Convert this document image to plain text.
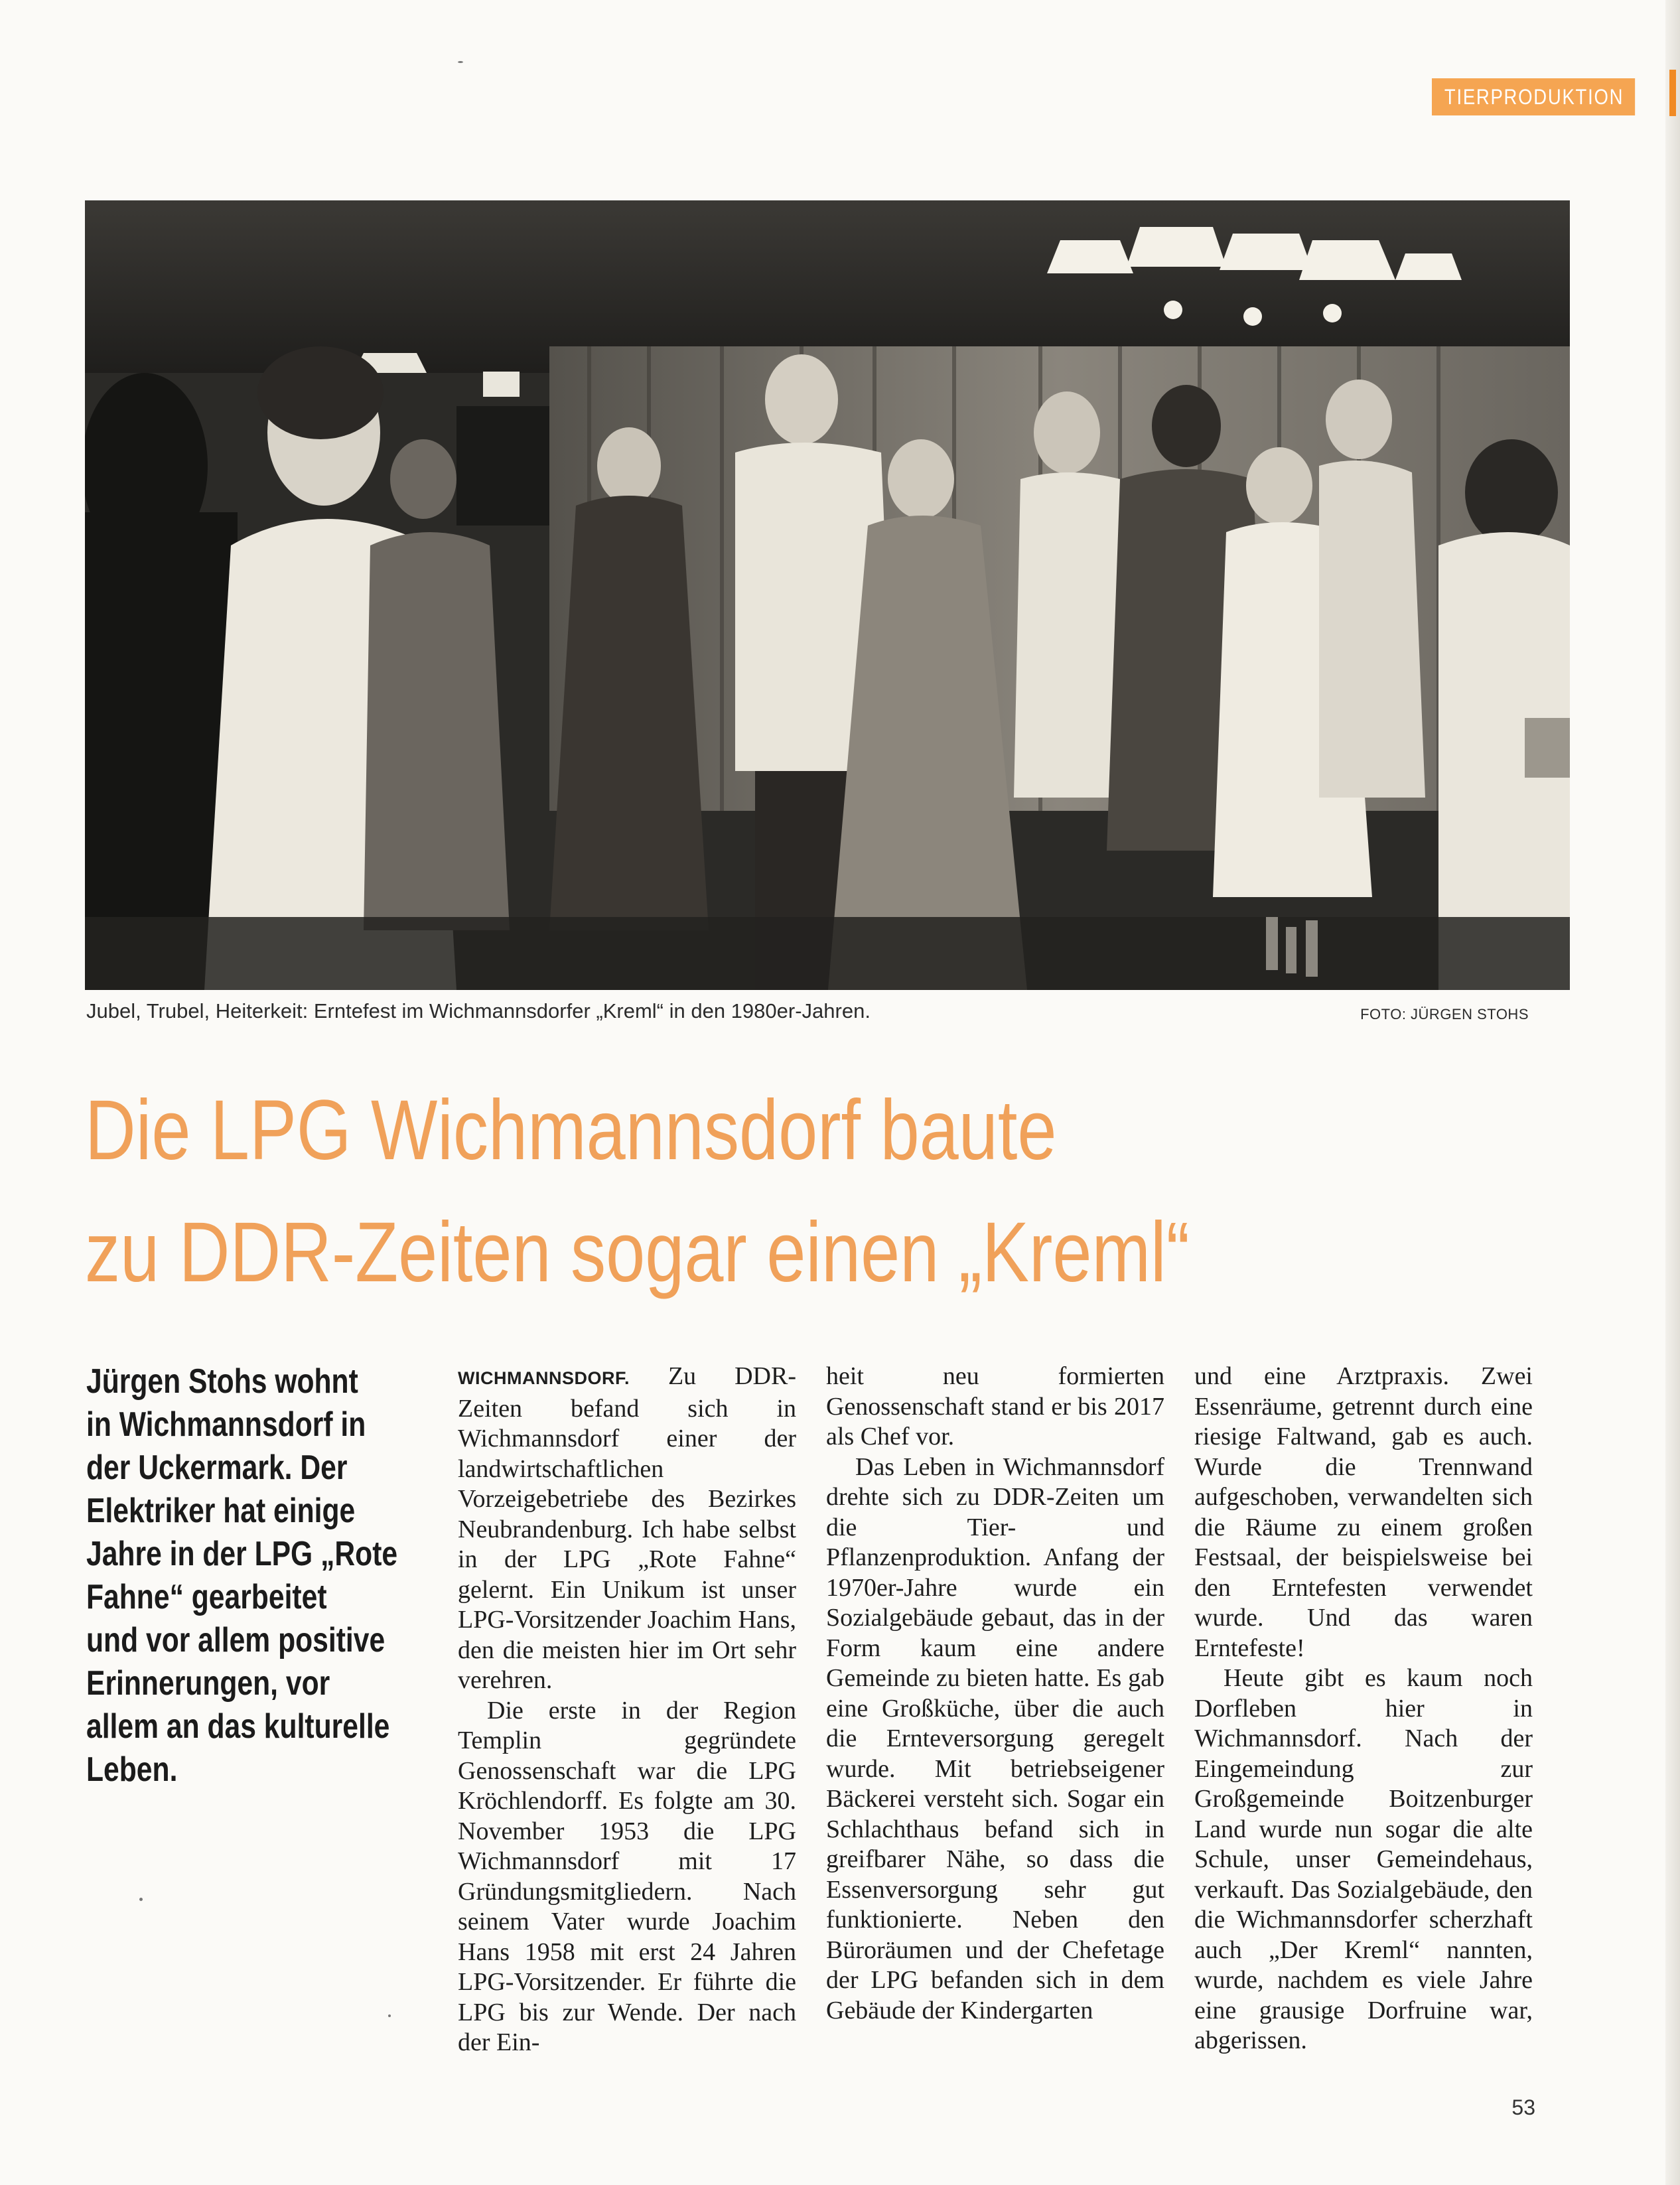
TIERPRODUKTION
Jubel, Trubel, Heiterkeit: Erntefest im Wichmannsdorfer „Kreml“ in den 1980er-Jahren.	FOTO: JÜRGEN STOHS
Die LPG Wichmannsdorf baute
zu DDR-Zeiten sogar einen „Kreml“
Jürgen Stohs wohnt
in Wichmannsdorf in
der Uckermark. Der
Elektriker hat einige
Jahre in der LPG „Rote
Fahne“ gearbeitet
und vor allem positive
Erinnerungen, vor
allem an das kulturelle
Leben.

WICHMANNSDORF. Zu DDR-Zeiten befand sich in Wichmannsdorf einer der landwirtschaftlichen Vorzeigebetriebe des Bezirkes Neubrandenburg. Ich habe selbst in der LPG „Rote Fahne“ gelernt. Ein Unikum ist unser LPG-Vorsitzender Joachim Hans, den die meisten hier im Ort sehr verehren.

Die erste in der Region Templin gegründete Genossenschaft war die LPG Kröchlendorff. Es folgte am 30. November 1953 die LPG Wichmannsdorf mit 17 Gründungsmitgliedern. Nach seinem Vater wurde Joachim Hans 1958 mit erst 24 Jahren LPG-Vorsitzender. Er führte die LPG bis zur Wende. Der nach der Ein-

heit neu formierten Genossenschaft stand er bis 2017 als Chef vor.

Das Leben in Wichmannsdorf drehte sich zu DDR-Zeiten um die Tier- und Pflanzenproduktion. Anfang der 1970er-Jahre wurde ein Sozialgebäude gebaut, das in der Form kaum eine andere Gemeinde zu bieten hatte. Es gab eine Großküche, über die auch die Ernteversorgung geregelt wurde. Mit betriebseigener Bäckerei versteht sich. Sogar ein Schlachthaus befand sich in greifbarer Nähe, so dass die Essenversorgung sehr gut funktionierte. Neben den Büroräumen und der Chefetage der LPG befanden sich in dem Gebäude der Kindergarten

und eine Arztpraxis. Zwei Essenräume, getrennt durch eine riesige Faltwand, gab es auch. Wurde die Trennwand aufgeschoben, verwandelten sich die Räume zu einem großen Festsaal, der beispielsweise bei den Erntefesten verwendet wurde. Und das waren Erntefeste!

Heute gibt es kaum noch Dorfleben hier in Wichmannsdorf. Nach der Eingemeindung zur Großgemeinde Boitzenburger Land wurde nun sogar die alte Schule, unser Gemeindehaus, verkauft. Das Sozialgebäude, den die Wichmannsdorfer scherzhaft auch „Der Kreml“ nannten, wurde, nachdem es viele Jahre eine grausige Dorfruine war, abgerissen.

53
